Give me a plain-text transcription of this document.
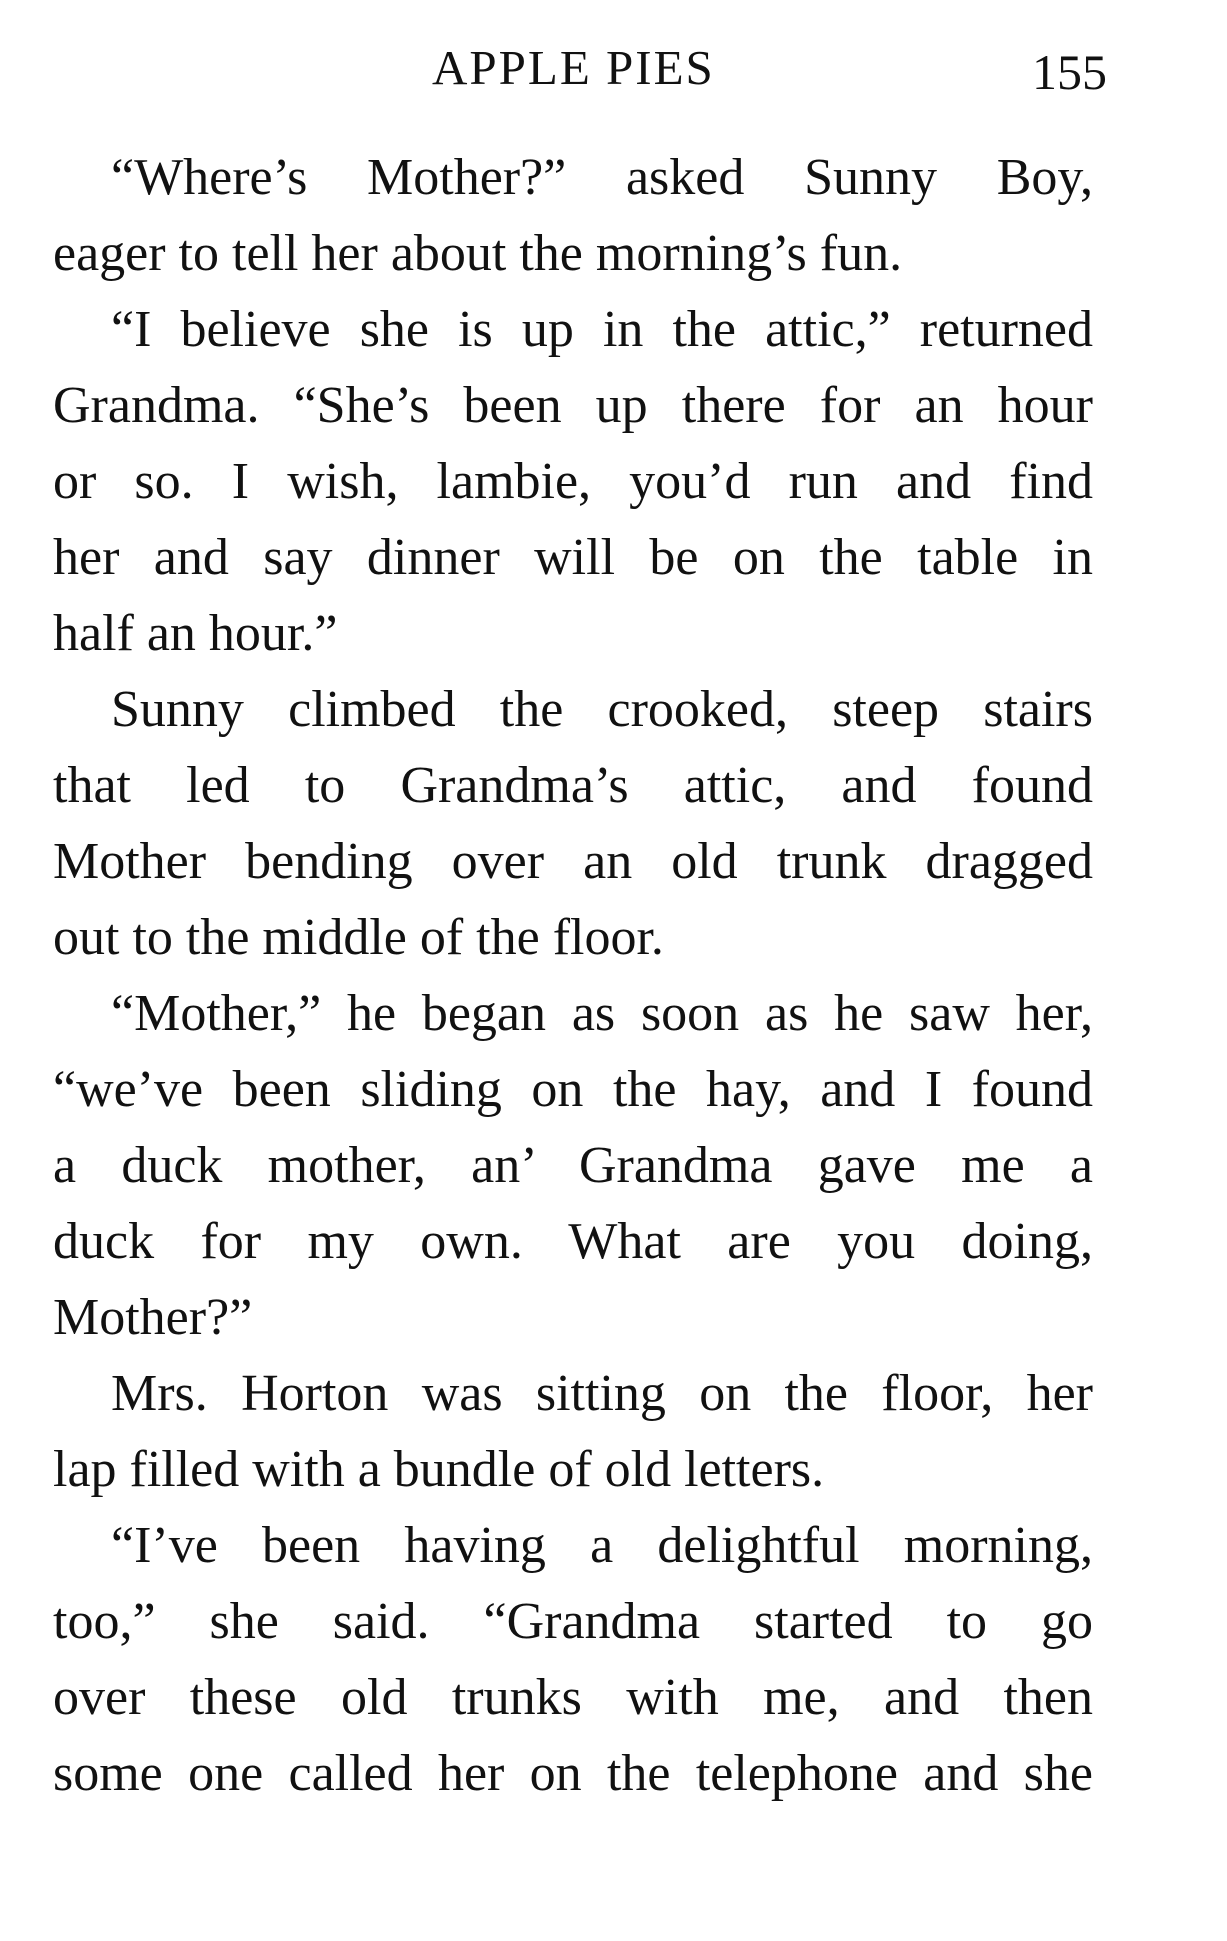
APPLE PIES	155
“Where’s Mother?” asked Sunny Boy,
eager to tell her about the morning’s fun.
“I believe she is up in the attic,” returned
Grandma. “She’s been up there for an hour
or so. I wish, lambie, you’d run and find
her and say dinner will be on the table in
half an hour.”
Sunny climbed the crooked, steep stairs
that led to Grandma’s attic, and found
Mother bending over an old trunk dragged
out to the middle of the floor.
“Mother,” he began as soon as he saw her,
“we’ve been sliding on the hay, and I found
a duck mother, an’ Grandma gave me a
duck for my own. What are you doing,
Mother?”
Mrs. Horton was sitting on the floor, her
lap filled with a bundle of old letters.
“I’ve been having a delightful morning,
too,” she said. “Grandma started to go
over these old trunks with me, and then
some one called her on the telephone and she
